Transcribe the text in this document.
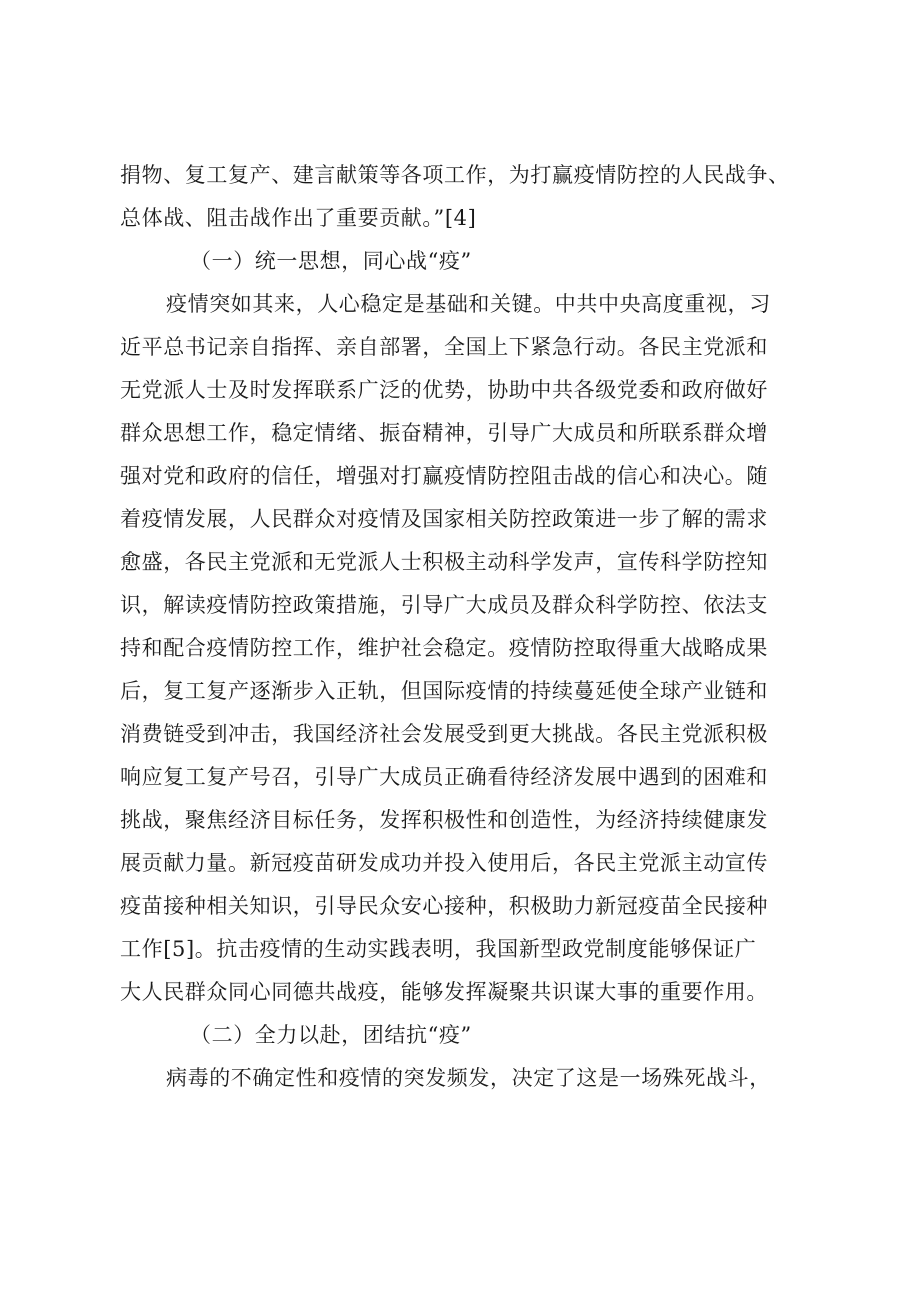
捐物、复工复产、建言献策等各项工作，为打赢疫情防控的人民战争、
总体战、阻击战作出了重要贡献。”[4]
（一）统一思想，同心战“疫”
疫情突如其来，人心稳定是基础和关键。中共中央高度重视，习
近平总书记亲自指挥、亲自部署，全国上下紧急行动。各民主党派和
无党派人士及时发挥联系广泛的优势，协助中共各级党委和政府做好
群众思想工作，稳定情绪、振奋精神，引导广大成员和所联系群众增
强对党和政府的信任，增强对打赢疫情防控阻击战的信心和决心。随
着疫情发展，人民群众对疫情及国家相关防控政策进一步了解的需求
愈盛，各民主党派和无党派人士积极主动科学发声，宣传科学防控知
识，解读疫情防控政策措施，引导广大成员及群众科学防控、依法支
持和配合疫情防控工作，维护社会稳定。疫情防控取得重大战略成果
后，复工复产逐渐步入正轨，但国际疫情的持续蔓延使全球产业链和
消费链受到冲击，我国经济社会发展受到更大挑战。各民主党派积极
响应复工复产号召，引导广大成员正确看待经济发展中遇到的困难和
挑战，聚焦经济目标任务，发挥积极性和创造性，为经济持续健康发
展贡献力量。新冠疫苗研发成功并投入使用后，各民主党派主动宣传
疫苗接种相关知识，引导民众安心接种，积极助力新冠疫苗全民接种
工作[5]。抗击疫情的生动实践表明，我国新型政党制度能够保证广
大人民群众同心同德共战疫，能够发挥凝聚共识谋大事的重要作用。
（二）全力以赴，团结抗“疫”
病毒的不确定性和疫情的突发频发，决定了这是一场殊死战斗，
